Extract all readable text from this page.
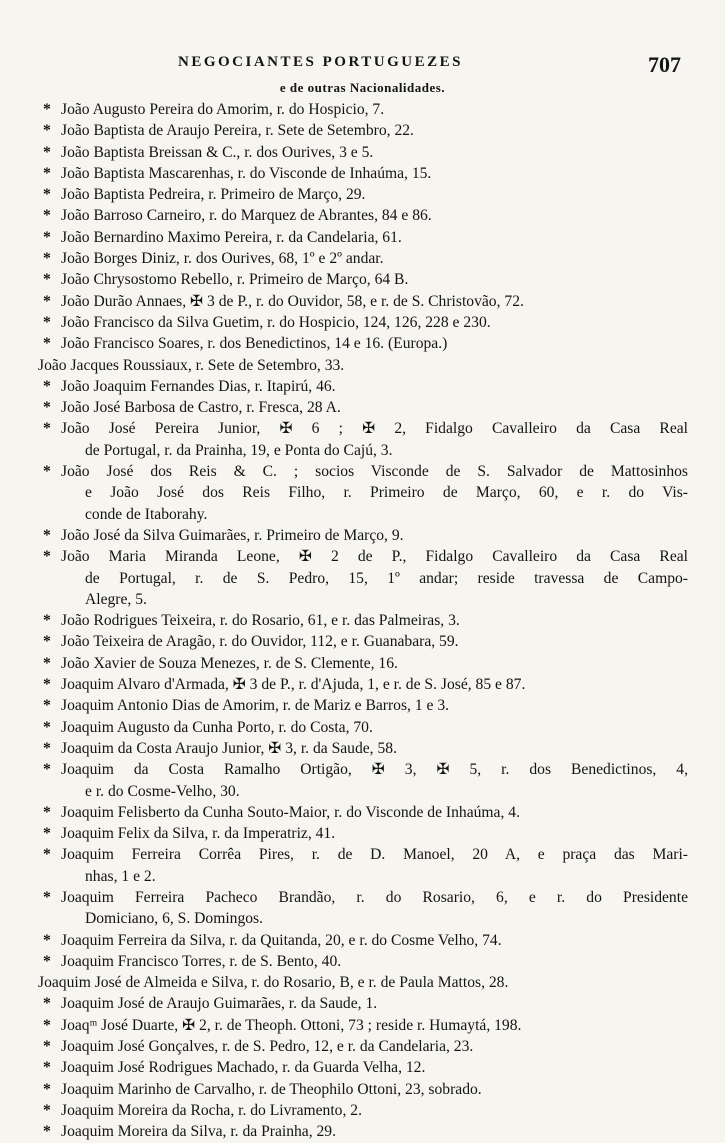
NEGOCIANTES PORTUGUEZES	707
e de outras Nacionalidades.
* João Augusto Pereira do Amorim, r. do Hospicio, 7.
* João Baptista de Araujo Pereira, r. Sete de Setembro, 22.
* João Baptista Breissan & C., r. dos Ourives, 3 e 5.
* João Baptista Mascarenhas, r. do Visconde de Inhaúma, 15.
* João Baptista Pedreira, r. Primeiro de Março, 29.
* João Barroso Carneiro, r. do Marquez de Abrantes, 84 e 86.
* João Bernardino Maximo Pereira, r. da Candelaria, 61.
* João Borges Diniz, r. dos Ourives, 68, 1º e 2º andar.
* João Chrysostomo Rebello, r. Primeiro de Março, 64 B.
* João Durão Annaes, ✠ 3 de P., r. do Ouvidor, 58, e r. de S. Christovão, 72.
* João Francisco da Silva Guetim, r. do Hospicio, 124, 126, 228 e 230.
* João Francisco Soares, r. dos Benedictinos, 14 e 16. (Europa.)
João Jacques Roussiaux, r. Sete de Setembro, 33.
* João Joaquim Fernandes Dias, r. Itapirú, 46.
* João José Barbosa de Castro, r. Fresca, 28 A.
* João José Pereira Junior, ✠ 6 ; ✠ 2, Fidalgo Cavalleiro da Casa Real
de Portugal, r. da Prainha, 19, e Ponta do Cajú, 3.
* João José dos Reis & C. ; socios Visconde de S. Salvador de Mattosinhos
e João José dos Reis Filho, r. Primeiro de Março, 60, e r. do Vis-
conde de Itaborahy.
* João José da Silva Guimarães, r. Primeiro de Março, 9.
* João Maria Miranda Leone, ✠ 2 de P., Fidalgo Cavalleiro da Casa Real
de Portugal, r. de S. Pedro, 15, 1º andar; reside travessa de Campo-
Alegre, 5.
* João Rodrigues Teixeira, r. do Rosario, 61, e r. das Palmeiras, 3.
* João Teixeira de Aragão, r. do Ouvidor, 112, e r. Guanabara, 59.
* João Xavier de Souza Menezes, r. de S. Clemente, 16.
* Joaquim Alvaro d'Armada, ✠ 3 de P., r. d'Ajuda, 1, e r. de S. José, 85 e 87.
* Joaquim Antonio Dias de Amorim, r. de Mariz e Barros, 1 e 3.
* Joaquim Augusto da Cunha Porto, r. do Costa, 70.
* Joaquim da Costa Araujo Junior, ✠ 3, r. da Saude, 58.
* Joaquim da Costa Ramalho Ortigão, ✠ 3, ✠ 5, r. dos Benedictinos, 4,
e r. do Cosme-Velho, 30.
* Joaquim Felisberto da Cunha Souto-Maior, r. do Visconde de Inhaúma, 4.
* Joaquim Felix da Silva, r. da Imperatriz, 41.
* Joaquim Ferreira Corrêa Pires, r. de D. Manoel, 20 A, e praça das Mari-
nhas, 1 e 2.
* Joaquim Ferreira Pacheco Brandão, r. do Rosario, 6, e r. do Presidente
Domiciano, 6, S. Domingos.
* Joaquim Ferreira da Silva, r. da Quitanda, 20, e r. do Cosme Velho, 74.
* Joaquim Francisco Torres, r. de S. Bento, 40.
Joaquim José de Almeida e Silva, r. do Rosario, B, e r. de Paula Mattos, 28.
* Joaquim José de Araujo Guimarães, r. da Saude, 1.
* Joaqᵐ José Duarte, ✠ 2, r. de Theoph. Ottoni, 73 ; reside r. Humaytá, 198.
* Joaquim José Gonçalves, r. de S. Pedro, 12, e r. da Candelaria, 23.
* Joaquim José Rodrigues Machado, r. da Guarda Velha, 12.
* Joaquim Marinho de Carvalho, r. de Theophilo Ottoni, 23, sobrado.
* Joaquim Moreira da Rocha, r. do Livramento, 2.
* Joaquim Moreira da Silva, r. da Prainha, 29.
